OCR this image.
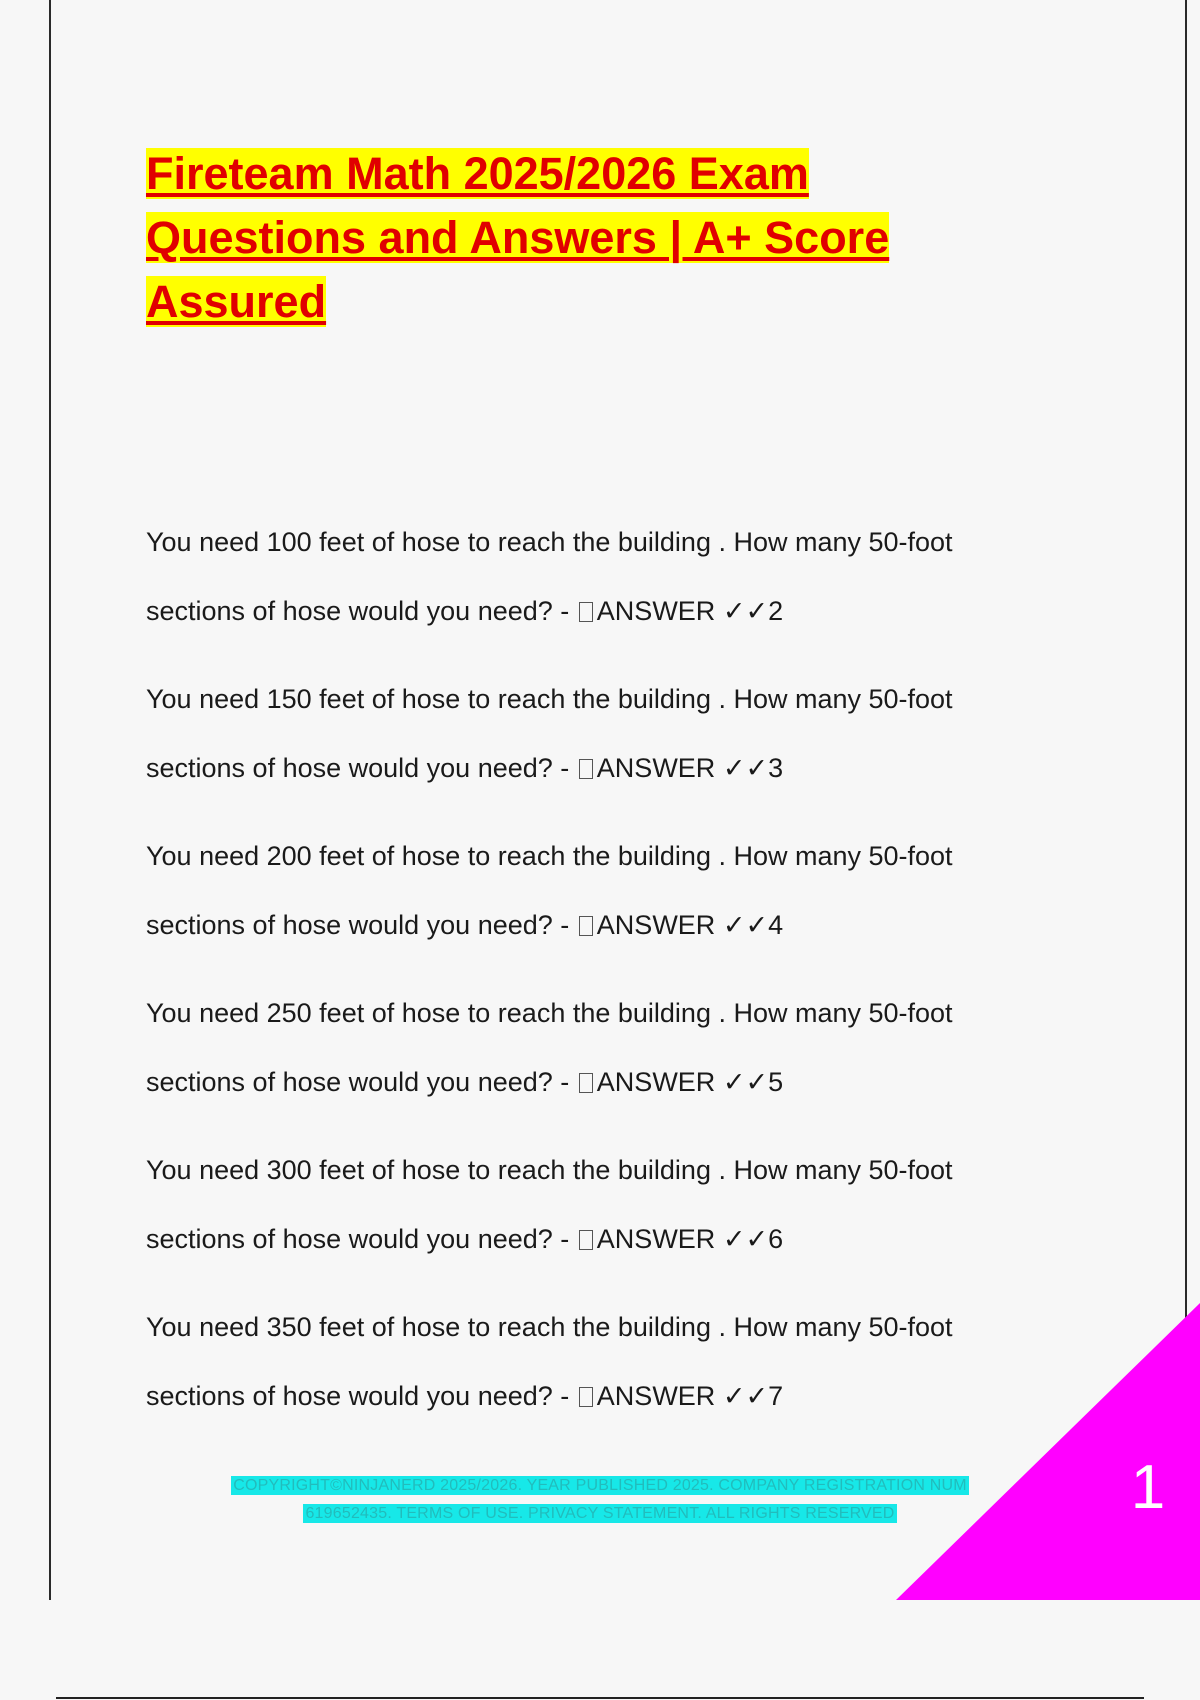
Fireteam Math 2025/2026 Exam Questions and Answers | A+ Score Assured

You need 100 feet of hose to reach the building . How many 50-foot sections of hose would you need? - ANSWER ✓✓2

You need 150 feet of hose to reach the building . How many 50-foot sections of hose would you need? - ANSWER ✓✓3

You need 200 feet of hose to reach the building . How many 50-foot sections of hose would you need? - ANSWER ✓✓4

You need 250 feet of hose to reach the building . How many 50-foot sections of hose would you need? - ANSWER ✓✓5

You need 300 feet of hose to reach the building . How many 50-foot sections of hose would you need? - ANSWER ✓✓6

You need 350 feet of hose to reach the building . How many 50-foot sections of hose would you need? - ANSWER ✓✓7

COPYRIGHT©NINJANERD 2025/2026. YEAR PUBLISHED 2025. COMPANY REGISTRATION NUM
619652435. TERMS OF USE. PRIVACY STATEMENT. ALL RIGHTS RESERVED	1
